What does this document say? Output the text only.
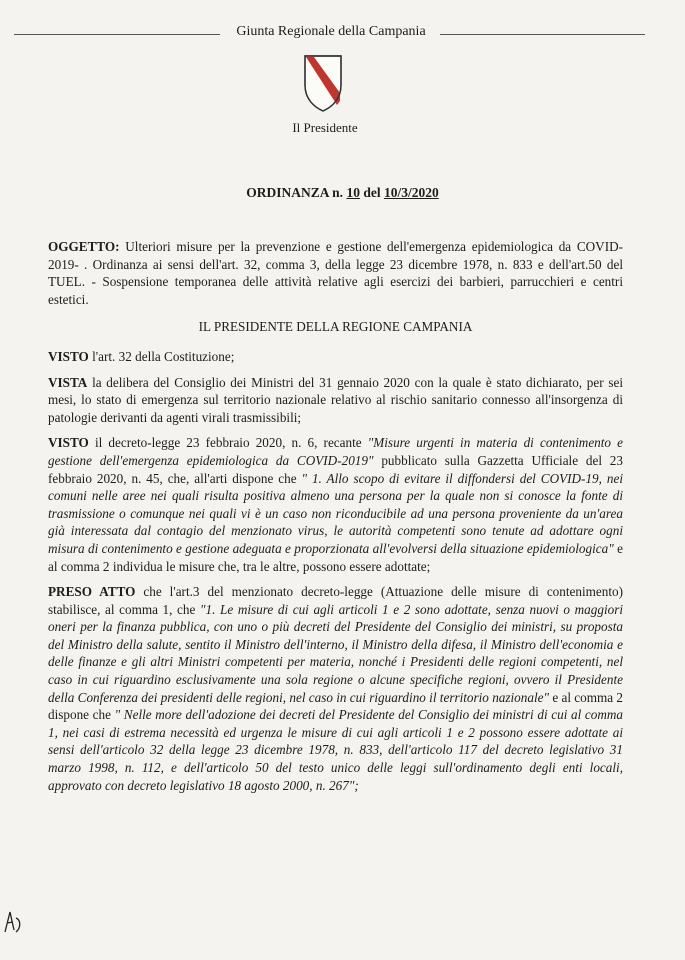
Giunta Regionale della Campania
Il Presidente
ORDINANZA n. 10 del 10/3/2020

OGGETTO: Ulteriori misure per la prevenzione e gestione dell'emergenza epidemiologica da COVID-2019- . Ordinanza ai sensi dell'art. 32, comma 3, della legge 23 dicembre 1978, n. 833 e dell'art.50 del TUEL. - Sospensione temporanea delle attività relative agli esercizi dei barbieri, parrucchieri e centri estetici.

IL PRESIDENTE DELLA REGIONE CAMPANIA

VISTO l'art. 32 della Costituzione;

VISTA la delibera del Consiglio dei Ministri del 31 gennaio 2020 con la quale è stato dichiarato, per sei mesi, lo stato di emergenza sul territorio nazionale relativo al rischio sanitario connesso all'insorgenza di patologie derivanti da agenti virali trasmissibili;

VISTO il decreto-legge 23 febbraio 2020, n. 6, recante "Misure urgenti in materia di contenimento e gestione dell'emergenza epidemiologica da COVID-2019" pubblicato sulla Gazzetta Ufficiale del 23 febbraio 2020, n. 45, che, all'arti dispone che " 1. Allo scopo di evitare il diffondersi del COVID-19, nei comuni nelle aree nei quali risulta positiva almeno una persona per la quale non si conosce la fonte di trasmissione o comunque nei quali vi è un caso non riconducibile ad una persona proveniente da un'area già interessata dal contagio del menzionato virus, le autorità competenti sono tenute ad adottare ogni misura di contenimento e gestione adeguata e proporzionata all'evolversi della situazione epidemiologica" e al comma 2 individua le misure che, tra le altre, possono essere adottate;

PRESO ATTO che l'art.3 del menzionato decreto-legge (Attuazione delle misure di contenimento) stabilisce, al comma 1, che "1. Le misure di cui agli articoli 1 e 2 sono adottate, senza nuovi o maggiori oneri per la finanza pubblica, con uno o più decreti del Presidente del Consiglio dei ministri, su proposta del Ministro della salute, sentito il Ministro dell'interno, il Ministro della difesa, il Ministro dell'economia e delle finanze e gli altri Ministri competenti per materia, nonché i Presidenti delle regioni competenti, nel caso in cui riguardino esclusivamente una sola regione o alcune specifiche regioni, ovvero il Presidente della Conferenza dei presidenti delle regioni, nel caso in cui riguardino il territorio nazionale" e al comma 2 dispone che " Nelle more dell'adozione dei decreti del Presidente del Consiglio dei ministri di cui al comma 1, nei casi di estrema necessità ed urgenza le misure di cui agli articoli 1 e 2 possono essere adottate ai sensi dell'articolo 32 della legge 23 dicembre 1978, n. 833, dell'articolo 117 del decreto legislativo 31 marzo 1998, n. 112, e dell'articolo 50 del testo unico delle leggi sull'ordinamento degli enti locali, approvato con decreto legislativo 18 agosto 2000, n. 267";
